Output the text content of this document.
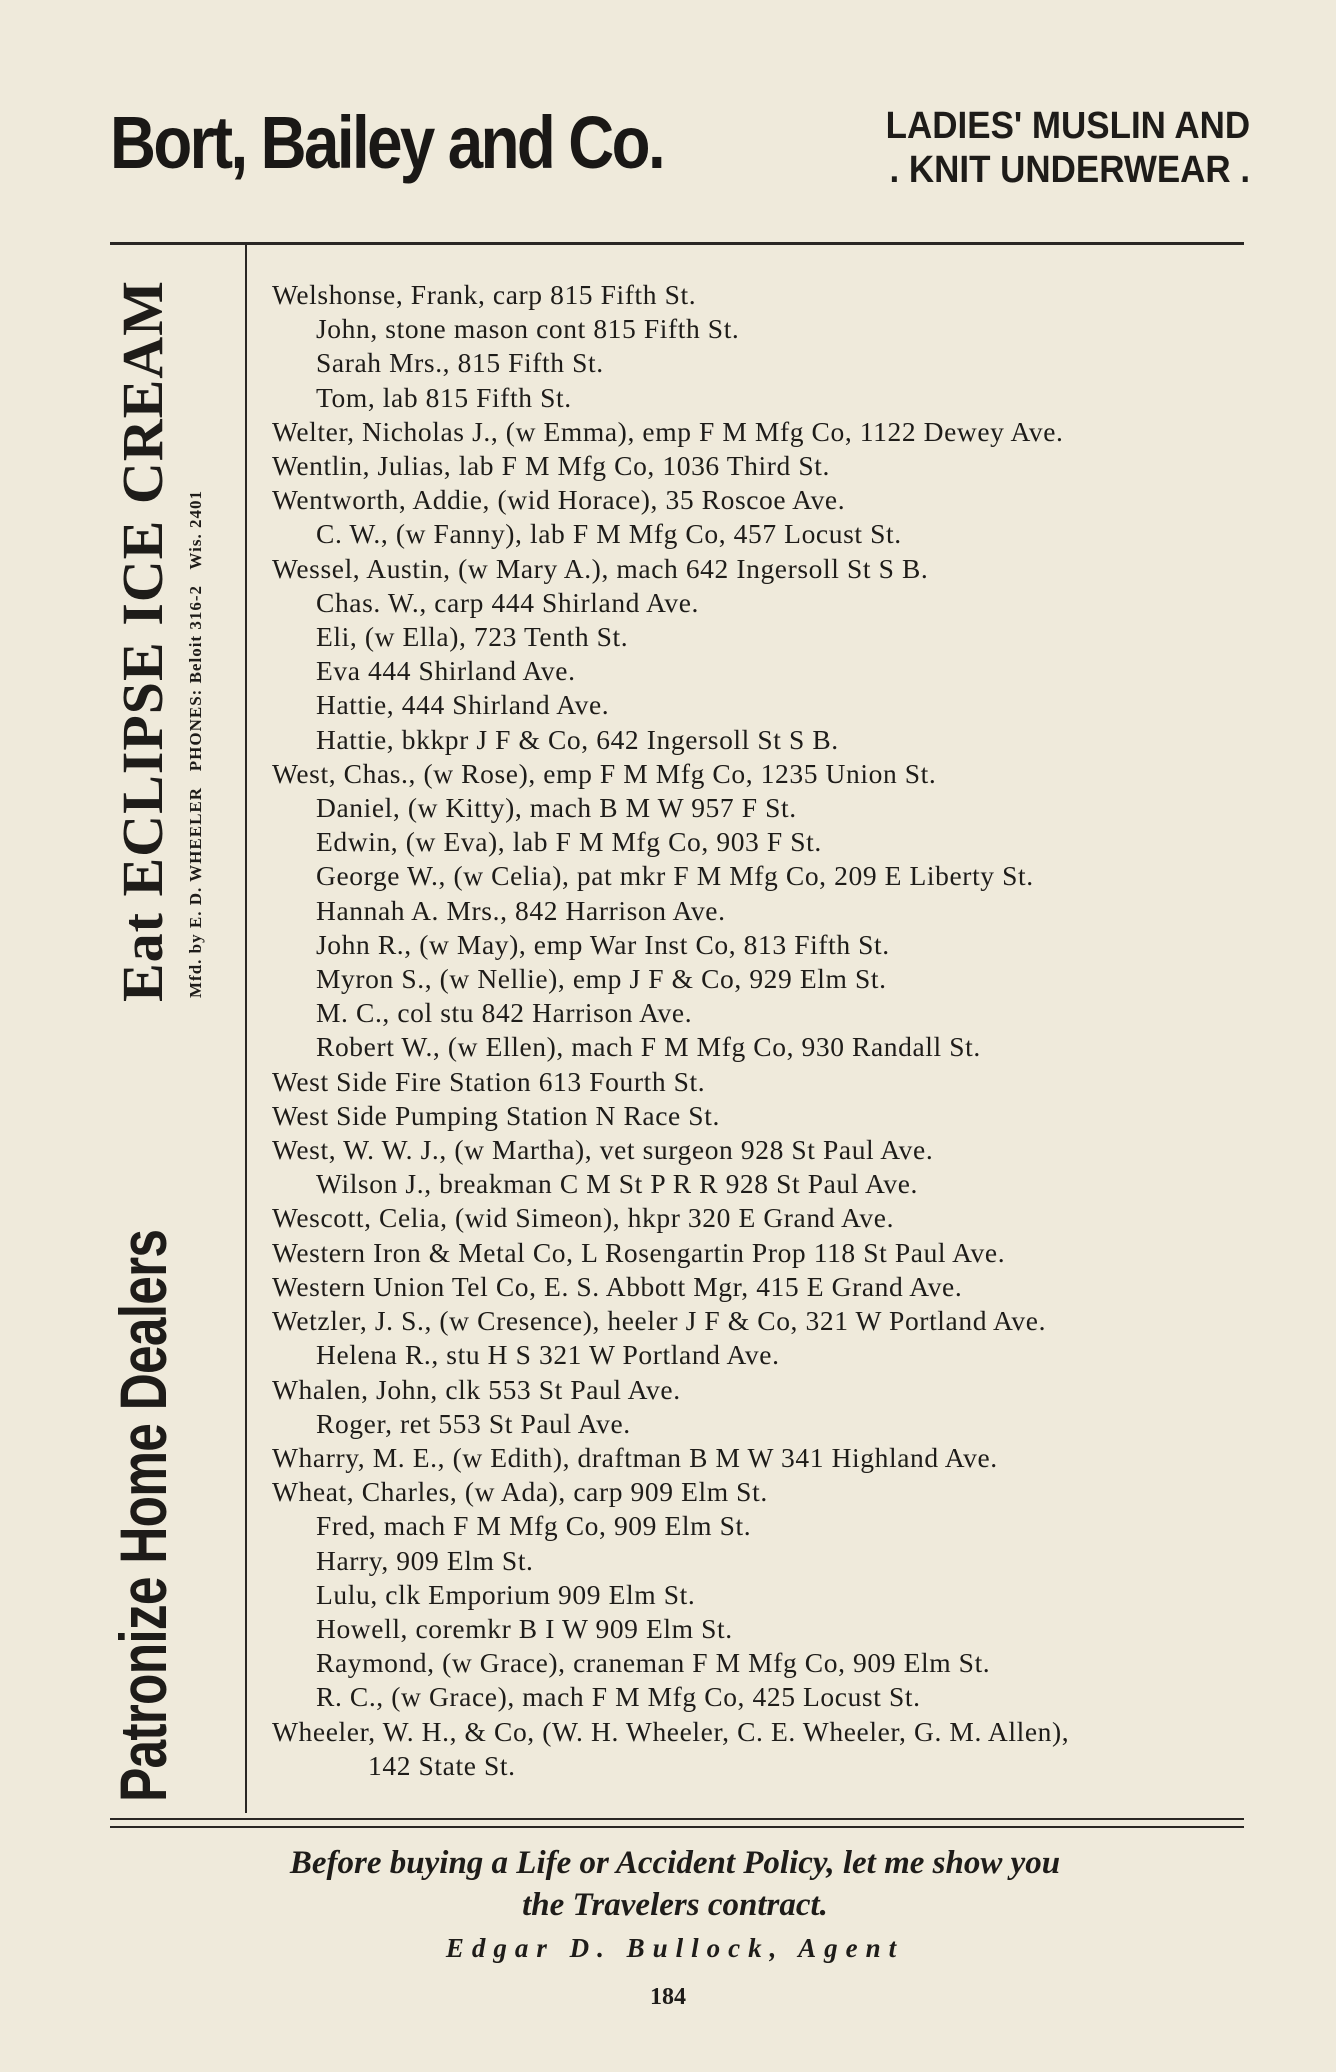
Bort, Bailey and Co.	LADIES' MUSLIN AND
. KNIT UNDERWEAR .
Patronize Home Dealers
Eat ECLIPSE ICE CREAM Mfd. by E. D. WHEELER   PHONES: Beloit 316-2   Wis. 2401
Welshonse, Frank, carp 815 Fifth St.
John, stone mason cont 815 Fifth St.
Sarah Mrs., 815 Fifth St.
Tom, lab 815 Fifth St.
Welter, Nicholas J., (w Emma), emp F M Mfg Co, 1122 Dewey Ave.
Wentlin, Julias, lab F M Mfg Co, 1036 Third St.
Wentworth, Addie, (wid Horace), 35 Roscoe Ave.
C. W., (w Fanny), lab F M Mfg Co, 457 Locust St.
Wessel, Austin, (w Mary A.), mach 642 Ingersoll St S B.
Chas. W., carp 444 Shirland Ave.
Eli, (w Ella), 723 Tenth St.
Eva 444 Shirland Ave.
Hattie, 444 Shirland Ave.
Hattie, bkkpr J F & Co, 642 Ingersoll St S B.
West, Chas., (w Rose), emp F M Mfg Co, 1235 Union St.
Daniel, (w Kitty), mach B M W 957 F St.
Edwin, (w Eva), lab F M Mfg Co, 903 F St.
George W., (w Celia), pat mkr F M Mfg Co, 209 E Liberty St.
Hannah A. Mrs., 842 Harrison Ave.
John R., (w May), emp War Inst Co, 813 Fifth St.
Myron S., (w Nellie), emp J F & Co, 929 Elm St.
M. C., col stu 842 Harrison Ave.
Robert W., (w Ellen), mach F M Mfg Co, 930 Randall St.
West Side Fire Station 613 Fourth St.
West Side Pumping Station N Race St.
West, W. W. J., (w Martha), vet surgeon 928 St Paul Ave.
Wilson J., breakman C M St P R R 928 St Paul Ave.
Wescott, Celia, (wid Simeon), hkpr 320 E Grand Ave.
Western Iron & Metal Co, L Rosengartin Prop 118 St Paul Ave.
Western Union Tel Co, E. S. Abbott Mgr, 415 E Grand Ave.
Wetzler, J. S., (w Cresence), heeler J F & Co, 321 W Portland Ave.
Helena R., stu H S 321 W Portland Ave.
Whalen, John, clk 553 St Paul Ave.
Roger, ret 553 St Paul Ave.
Wharry, M. E., (w Edith), draftman B M W 341 Highland Ave.
Wheat, Charles, (w Ada), carp 909 Elm St.
Fred, mach F M Mfg Co, 909 Elm St.
Harry, 909 Elm St.
Lulu, clk Emporium 909 Elm St.
Howell, coremkr B I W 909 Elm St.
Raymond, (w Grace), craneman F M Mfg Co, 909 Elm St.
R. C., (w Grace), mach F M Mfg Co, 425 Locust St.
Wheeler, W. H., & Co, (W. H. Wheeler, C. E. Wheeler, G. M. Allen),
142 State St.
Before buying a Life or Accident Policy, let me show you
the Travelers contract.
Edgar D. Bullock, Agent
184
